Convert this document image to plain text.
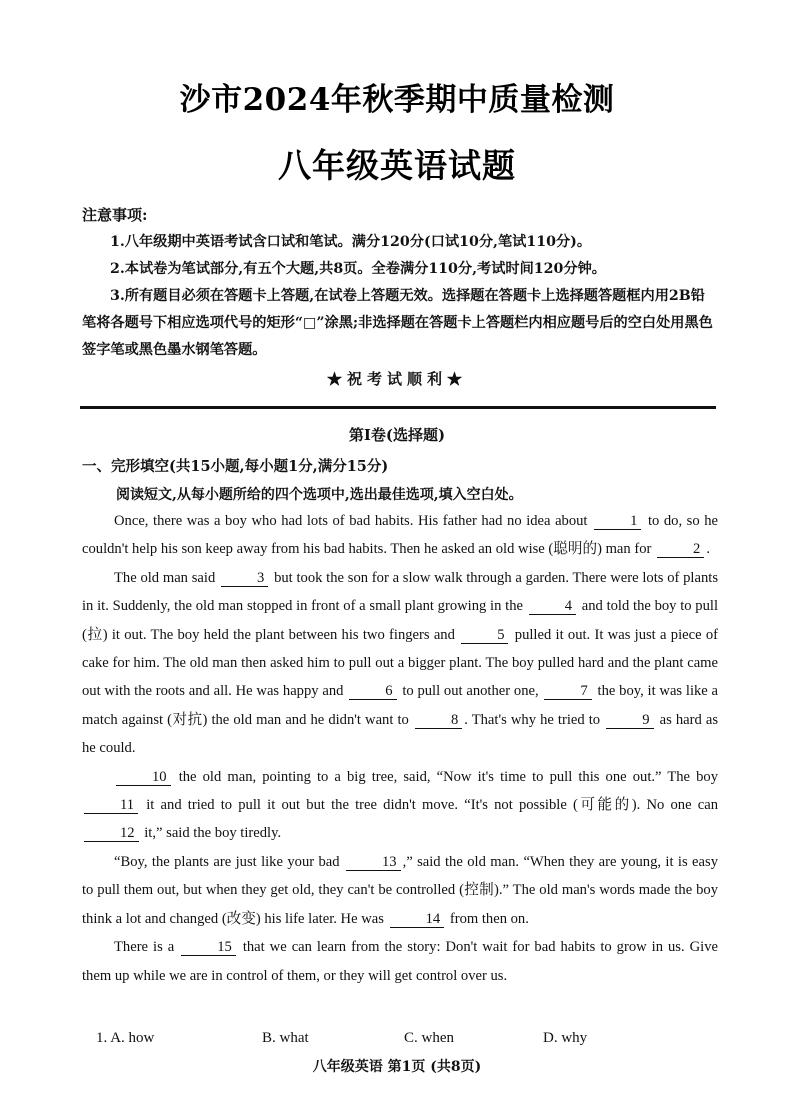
沙市2024年秋季期中质量检测
八年级英语试题
注意事项:
1.八年级期中英语考试含口试和笔试。满分120分(口试10分,笔试110分)。
2.本试卷为笔试部分,有五个大题,共8页。全卷满分110分,考试时间120分钟。
3.所有题目必须在答题卡上答题,在试卷上答题无效。选择题在答题卡上选择题答题框内用2B铅笔将各题号下相应选项代号的矩形“□”涂黑;非选择题在答题卡上答题栏内相应题号后的空白处用黑色签字笔或黑色墨水钢笔答题。
★祝考试顺利★
第Ⅰ卷(选择题)
一、完形填空(共15小题,每小题1分,满分15分)
阅读短文,从每小题所给的四个选项中,选出最佳选项,填入空白处。

Once, there was a boy who had lots of bad habits. His father had no idea about	1 to do, so he couldn't help his son keep away from his bad habits. Then he asked an old wise (聪明的) man for	2 .

The old man said	3 but took the son for a slow walk through a garden. There were lots of plants in it. Suddenly, the old man stopped in front of a small plant growing in the	4 and told the boy to pull (拉) it out. The boy held the plant between his two fingers and	5 pulled it out. It was just a piece of cake for him. The old man then asked him to pull out a bigger plant. The boy pulled hard and the plant came out with the roots and all. He was happy and	6 to pull out another one,	7 the boy, it was like a match against (对抗) the old man and he didn't want to	8 . That's why he tried to	9 as hard as he could.

10 the old man, pointing to a big tree, said, “Now it's time to pull this one out.” The boy 11 it and tried to pull it out but the tree didn't move. “It's not possible (可能的). No one can 12 it,” said the boy tiredly.

“Boy, the plants are just like your bad	13 ,” said the old man. “When they are young, it is easy to pull them out, but when they get old, they can't be controlled (控制).” The old man's words made the boy think a lot and changed (改变) his life later. He was	14 from then on.

There is a	15 that we can learn from the story: Don't wait for bad habits to grow in us. Give them up while we are in control of them, or they will get control over us.

1. A. how	B. what	C. when	D. why
八年级英语 第1页 (共8页)
